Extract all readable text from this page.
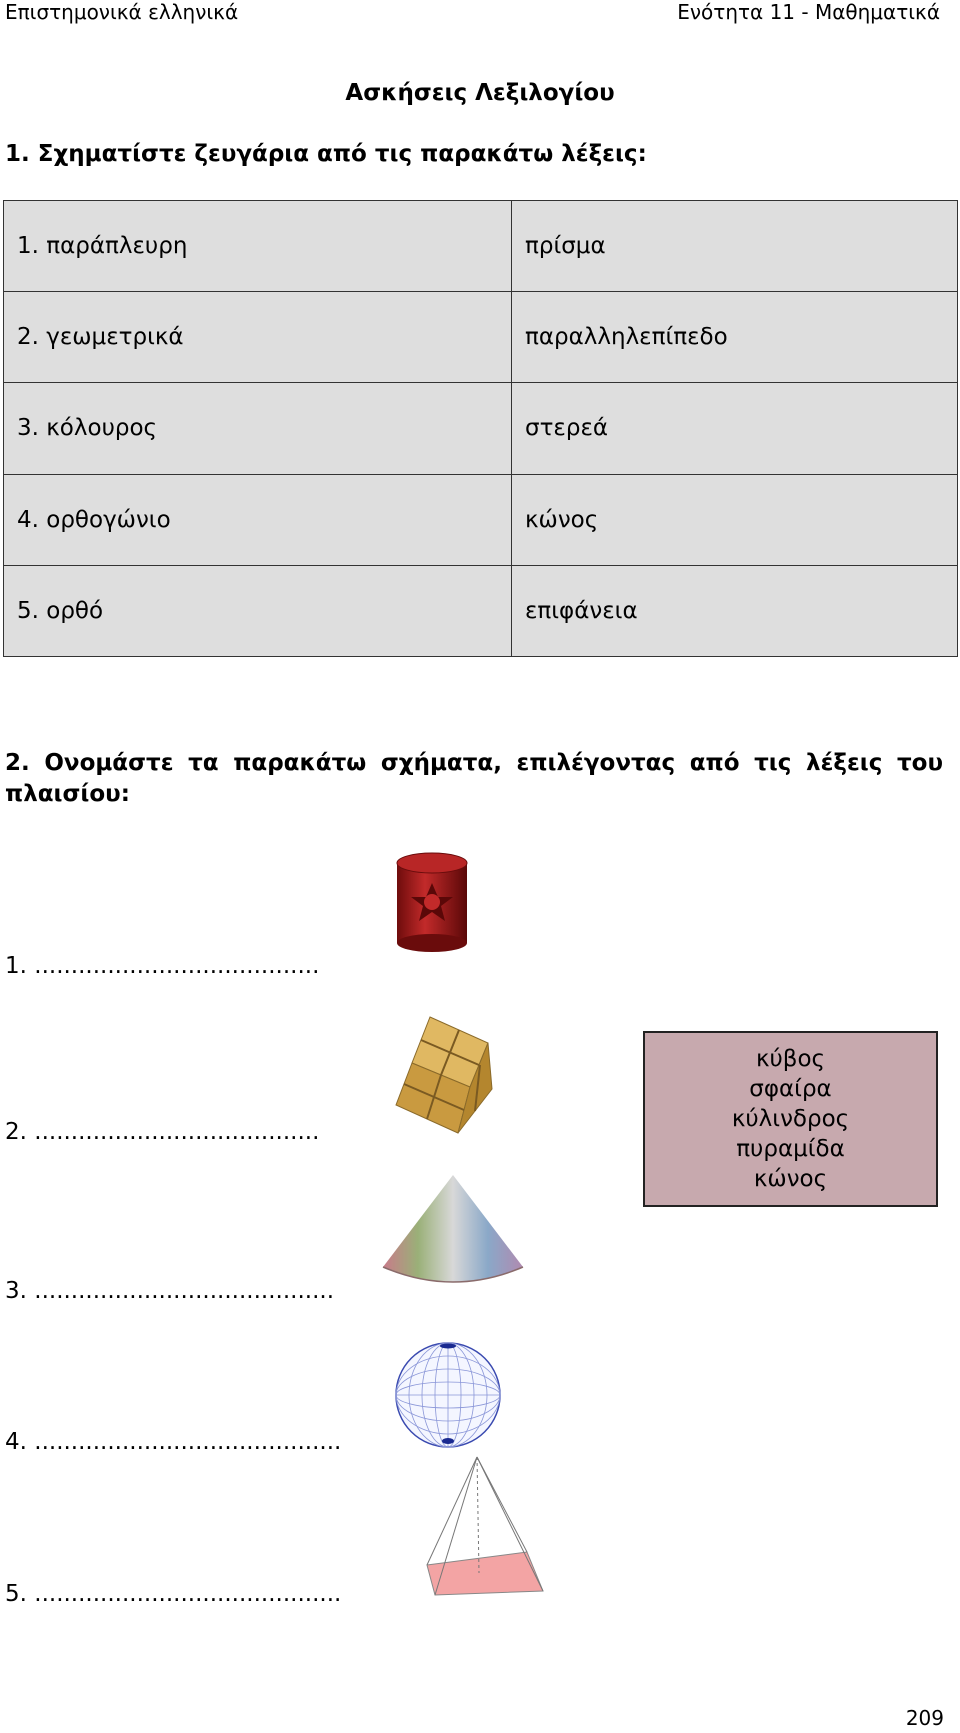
Επιστημονικά ελληνικά	Ενότητα 11 - Μαθηματικά
Ασκήσεις Λεξιλογίου
1. Σχηματίστε ζευγάρια από τις παρακάτω λέξεις:
1. παράπλευρη	πρίσμα
2. γεωμετρικά	παραλληλεπίπεδο
3. κόλουρος	στερεά
4. ορθογώνιο	κώνος
5. ορθό	επιφάνεια
2. Ονομάστε τα παρακάτω σχήματα, επιλέγοντας από τις λέξεις του πλαισίου:
1. .......................................
2. .......................................
3. .........................................
4. ..........................................
5. ..........................................
κύβος
σφαίρα
κύλινδρος
πυραμίδα
κώνος
209
